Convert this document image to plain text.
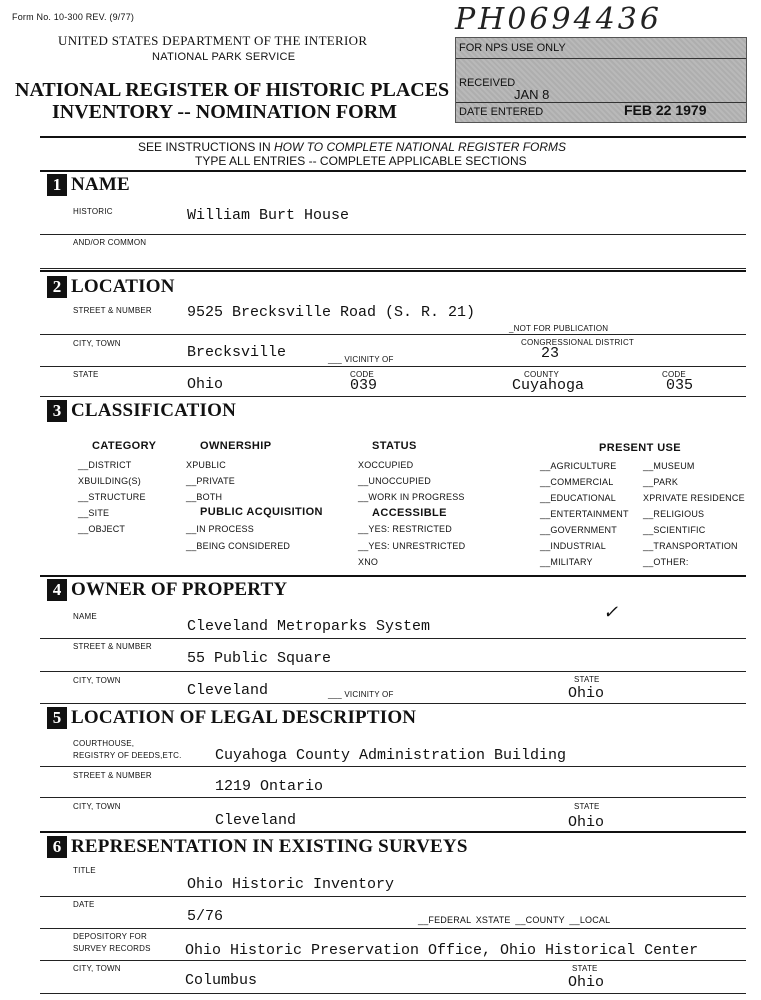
Form No. 10-300 REV. (9/77)
UNITED STATES DEPARTMENT OF THE INTERIOR
NATIONAL PARK SERVICE
NATIONAL REGISTER OF HISTORIC PLACES
INVENTORY -- NOMINATION FORM
PH0694436
FOR NPS USE ONLY
RECEIVED
JAN 8
DATE ENTERED	FEB 22 1979
SEE INSTRUCTIONS IN HOW TO COMPLETE NATIONAL REGISTER FORMS
TYPE ALL ENTRIES -- COMPLETE APPLICABLE SECTIONS
1 NAME
HISTORIC	William Burt House
AND/OR COMMON
2 LOCATION
STREET & NUMBER 9525 Brecksville Road (S. R. 21)
_NOT FOR PUBLICATION
CITY, TOWN
Brecksville	___ VICINITY OF
CONGRESSIONAL DISTRICT
23
STATE
Ohio
CODE
039
COUNTY
Cuyahoga
CODE
035
3 CLASSIFICATION
CATEGORY
__DISTRICT
XBUILDING(S)
__STRUCTURE
__SITE
__OBJECT
OWNERSHIP
XPUBLIC
__PRIVATE
__BOTH
PUBLIC ACQUISITION
__IN PROCESS
__BEING CONSIDERED
STATUS
XOCCUPIED
__UNOCCUPIED
__WORK IN PROGRESS
ACCESSIBLE
__YES: RESTRICTED
__YES: UNRESTRICTED
XNO
PRESENT USE
__AGRICULTURE
__COMMERCIAL
__EDUCATIONAL
__ENTERTAINMENT
__GOVERNMENT
__INDUSTRIAL
__MILITARY
__MUSEUM
__PARK
XPRIVATE RESIDENCE
__RELIGIOUS
__SCIENTIFIC
__TRANSPORTATION
__OTHER:
4 OWNER OF PROPERTY
NAME
Cleveland Metroparks System
✓
STREET & NUMBER
55 Public Square
CITY, TOWN
Cleveland	___ VICINITY OF
STATE
Ohio
5 LOCATION OF LEGAL DESCRIPTION
COURTHOUSE,
REGISTRY OF DEEDS,ETC. Cuyahoga County Administration Building
STREET & NUMBER
1219 Ontario
CITY, TOWN
Cleveland
STATE
Ohio
6 REPRESENTATION IN EXISTING SURVEYS
TITLE
Ohio Historic Inventory
DATE
5/76	__FEDERAL XSTATE __COUNTY __LOCAL
DEPOSITORY FOR
SURVEY RECORDS Ohio Historic Preservation Office, Ohio Historical Center
CITY, TOWN
Columbus
STATE
Ohio
